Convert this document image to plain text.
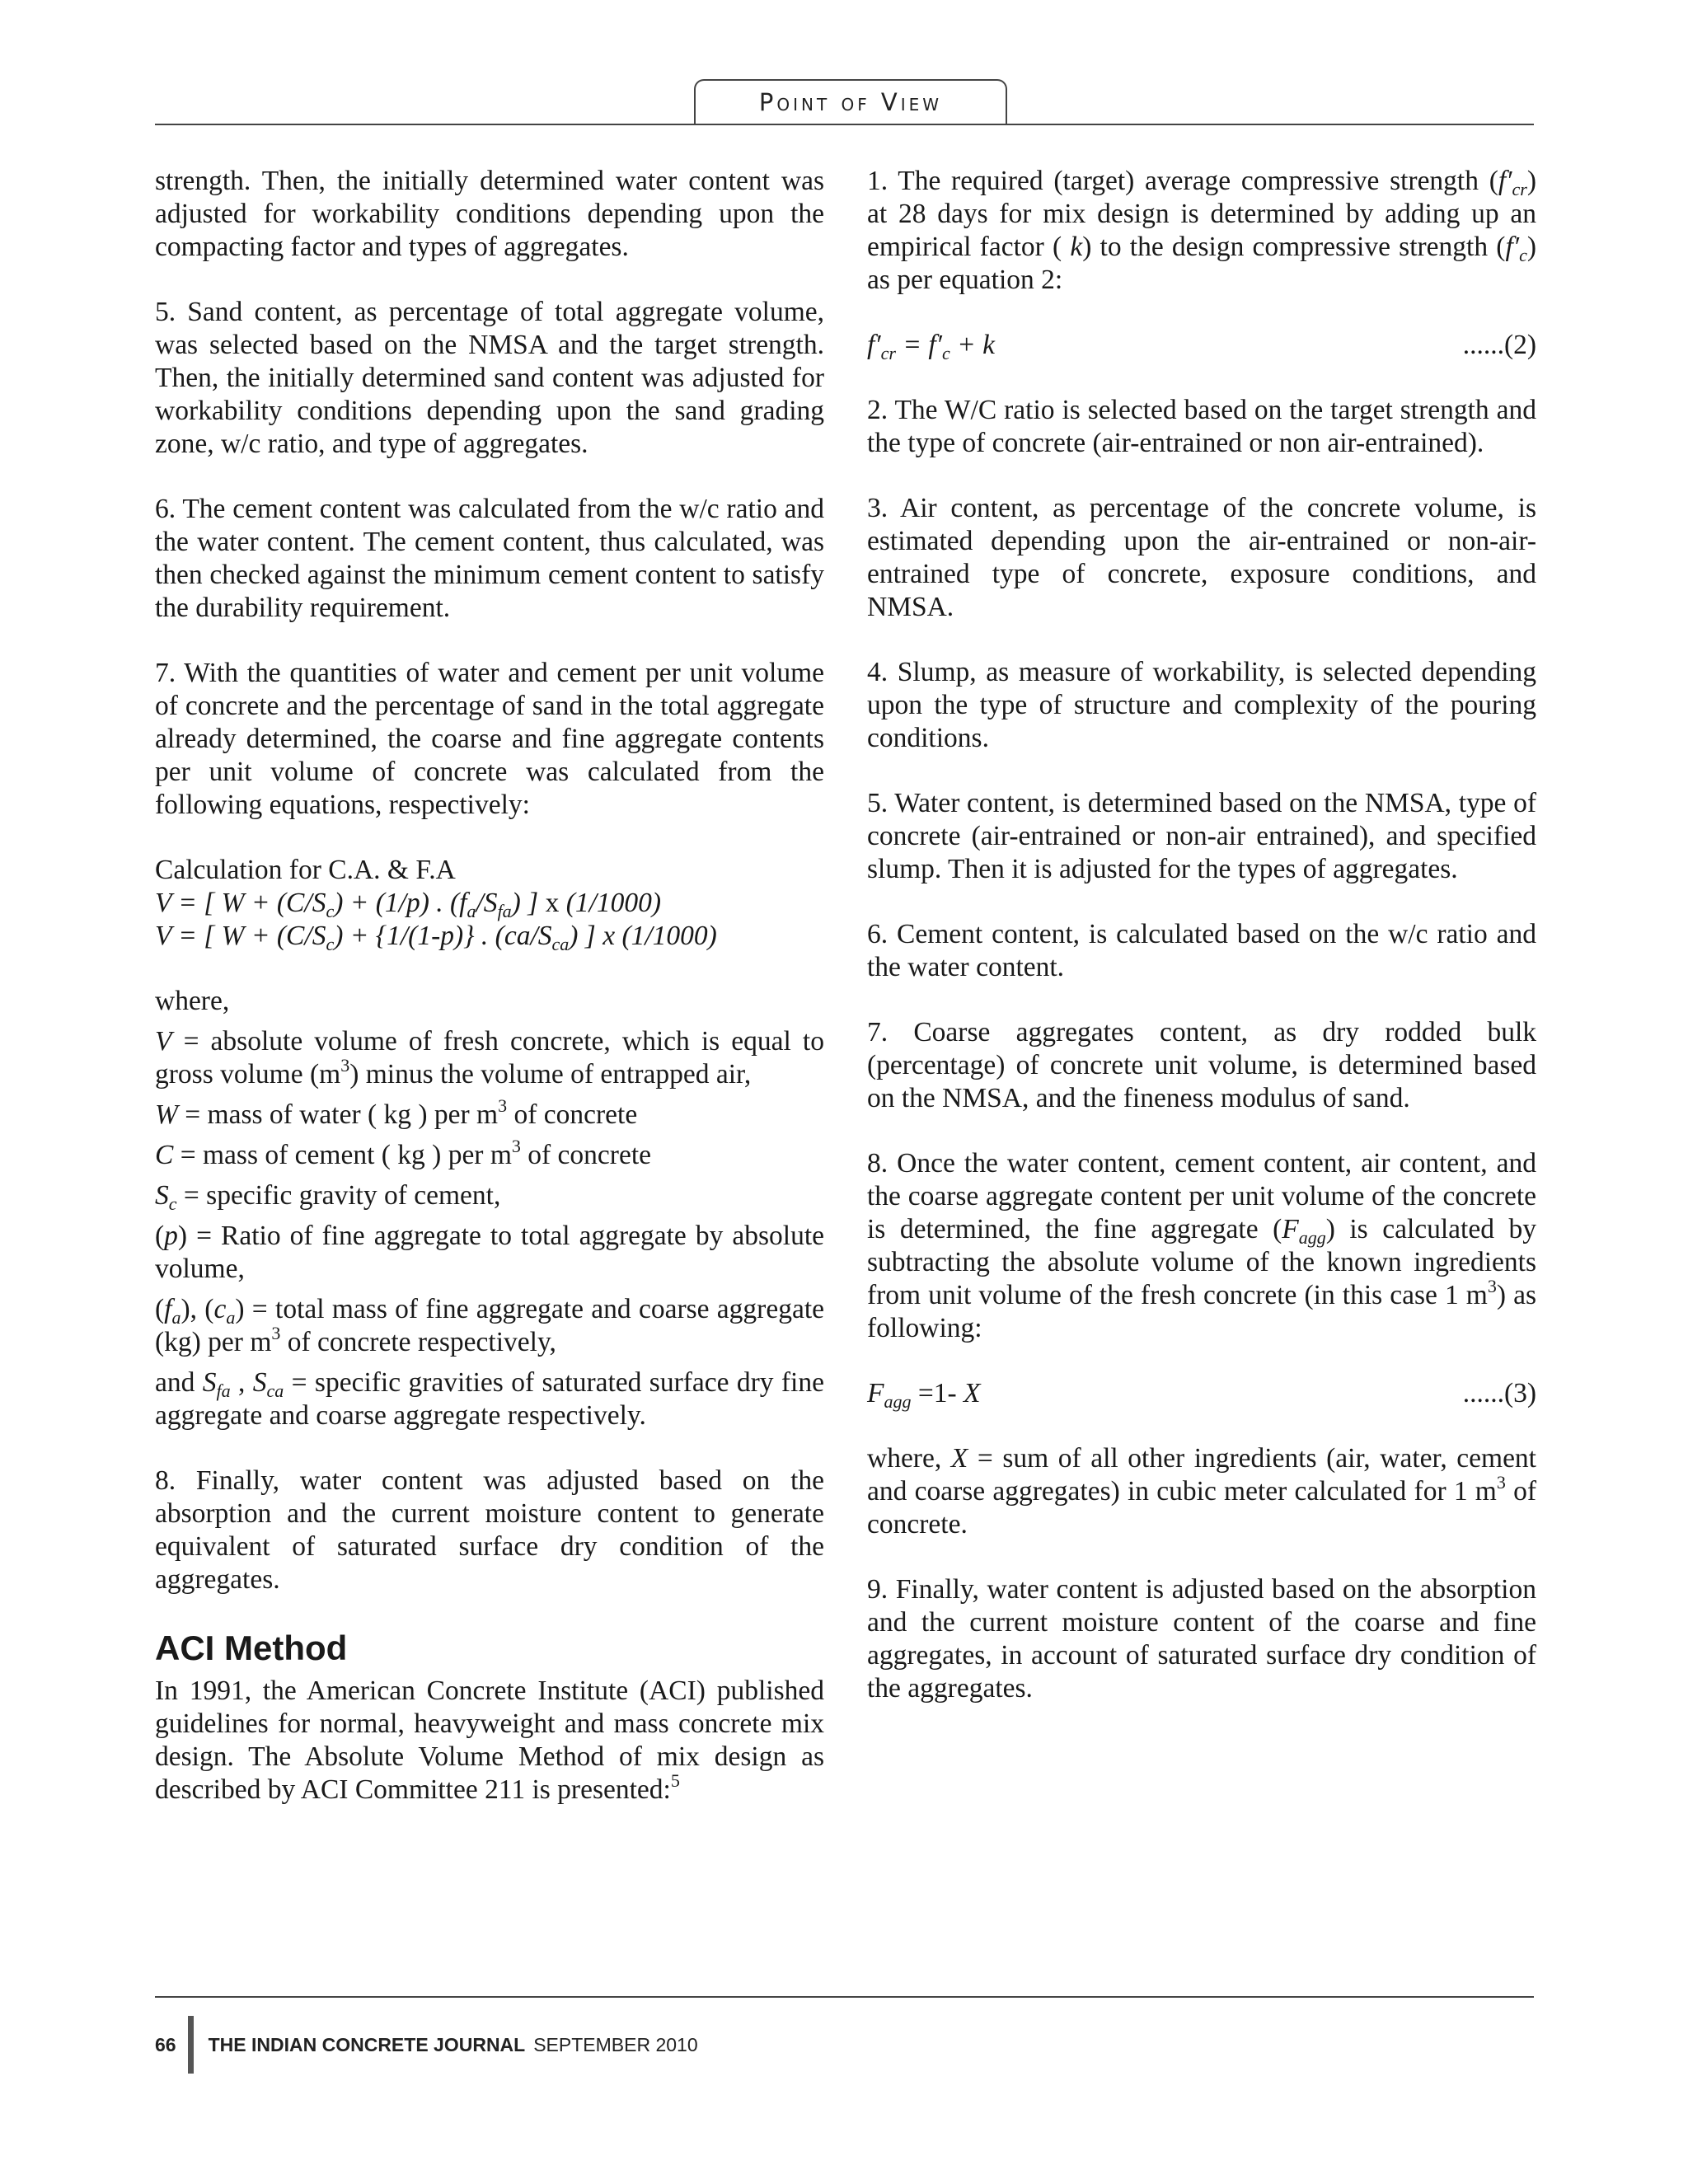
Point of View

strength. Then, the initially determined water content was adjusted for workability conditions depending upon the compacting factor and types of aggregates.

5. Sand content, as percentage of total aggregate volume, was selected based on the NMSA and the target strength. Then, the initially determined sand content was adjusted for workability conditions depending upon the sand grading zone, w/c ratio, and type of aggregates.

6. The cement content was calculated from the w/c ratio and the water content. The cement content, thus calculated, was then checked against the minimum cement content to satisfy the durability requirement.

7. With the quantities of water and cement per unit volume of concrete and the percentage of sand in the total aggregate already determined, the coarse and fine aggregate contents per unit volume of concrete was calculated from the following equations, respectively:

Calculation for C.A. & F.A

V = [ $W + (C/S_c) + (1/p)$ . $(f_a/S_{fa})$ ] x (1/1000)

V = [ $W + (C/S_c) + \{1/(1-p)\}$ . $(ca/S_{ca})$ ] x (1/1000)

where,

V = absolute volume of fresh concrete, which is equal to gross volume $(m^3)$ minus the volume of entrapped air,

W = mass of water ( kg ) per $m^3$ of concrete

C = mass of cement ( kg ) per $m^3$ of concrete

$S_c$ = specific gravity of cement,

(p) = Ratio of fine aggregate to total aggregate by absolute volume,

$(f_a)$, $(c_a)$ = total mass of fine aggregate and coarse aggregate (kg) per $m^3$ of concrete respectively,

and $S_{fa}$ , $S_{ca}$ = specific gravities of saturated surface dry fine aggregate and coarse aggregate respectively.

8. Finally, water content was adjusted based on the absorption and the current moisture content to generate equivalent of saturated surface dry condition of the aggregates.

ACI Method

In 1991, the American Concrete Institute (ACI) published guidelines for normal, heavyweight and mass concrete mix design. The Absolute Volume Method of mix design as described by ACI Committee 211 is presented:$^5$

1. The required (target) average compressive strength $(f'_{cr})$ at 28 days for mix design is determined by adding up an empirical factor ( k) to the design compressive strength $(f'_c)$ as per equation 2:

$f'_{cr} = f'_c + k$	......(2)

2. The W/C ratio is selected based on the target strength and the type of concrete (air-entrained or non air-entrained).

3. Air content, as percentage of the concrete volume, is estimated depending upon the air-entrained or non-air-entrained type of concrete, exposure conditions, and NMSA.

4. Slump, as measure of workability, is selected depending upon the type of structure and complexity of the pouring conditions.

5. Water content, is determined based on the NMSA, type of concrete (air-entrained or non-air entrained), and specified slump. Then it is adjusted for the types of aggregates.

6. Cement content, is calculated based on the w/c ratio and the water content.

7. Coarse aggregates content, as dry rodded bulk (percentage) of concrete unit volume, is determined based on the NMSA, and the fineness modulus of sand.

8. Once the water content, cement content, air content, and the coarse aggregate content per unit volume of the concrete is determined, the fine aggregate $(F_{agg})$ is calculated by subtracting the absolute volume of the known ingredients from unit volume of the fresh concrete (in this case 1 $m^3$) as following:

$F_{agg} =1-$ X	......(3)

where, X = sum of all other ingredients (air, water, cement and coarse aggregates) in cubic meter calculated for 1 $m^3$ of concrete.

9. Finally, water content is adjusted based on the absorption and the current moisture content of the coarse and fine aggregates, in account of saturated surface dry condition of the aggregates.

66 THE INDIAN CONCRETE JOURNAL SEPTEMBER 2010
